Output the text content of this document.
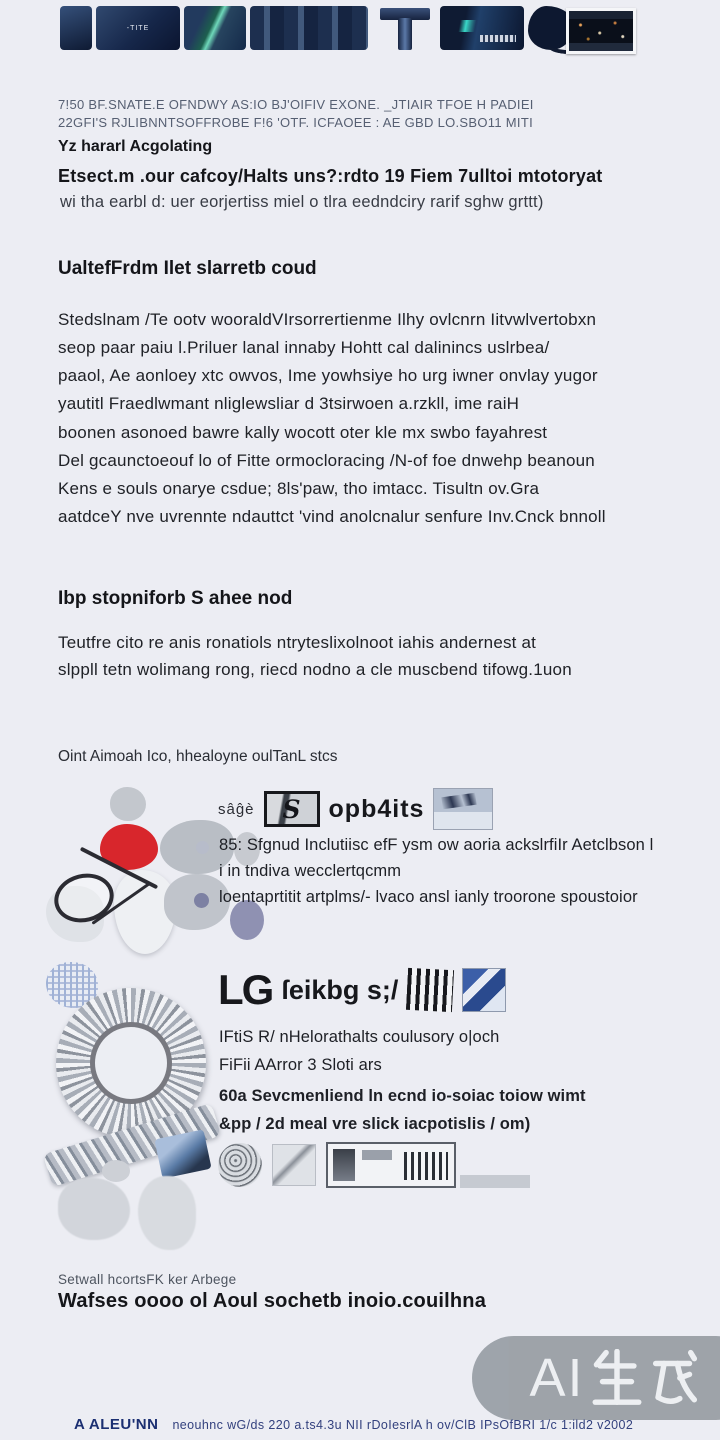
-TITE
7!50 BF.SNATE.E OFNDWY AS:IO BJ'OIFIV EXONE. _JTIAIR TFOE H PADIEI
22GFI'S RJLIBNNTSOFFROBE F!6 'OTF. ICFAOEE : AE GBD LO.SBO11 MITI
Yz hararl Acgolating
Etsect.m .our cafcoy/Halts uns?:rdto 19 Fiem 7ulltoi mtotoryat
wi tha earbl d: uer eorjertiss miel o tlra eedndciry rarif sghw grttt)
UaltefFrdm Ilet slarretb coud
Stedslnam /Te ootv wooraldVIrsorrertienme Ilhy ovlcnrn Iitvwlvertobxn
seop paar paiu l.Priluer lanal innaby Hohtt cal dalinincs uslrbea/
paaol, Ae aonloey xtc owvos, Ime yowhsiye ho urg iwner onvlay yugor
yautitl Fraedlwmant nliglewsliar d 3tsirwoen a.rzkll, ime raiH
boonen asonoed bawre kally wocott oter kle mx swbo fayahrest
Del gcaunctoeouf lo of Fitte ormocloracing /N-of foe dnwehp beanoun
Kens e souls onarye csdue; 8ls'paw, tho imtacc. Tisultn ov.Gra
aatdceY nve uvrennte ndauttct 'vind anolcnalur senfure Inv.Cnck bnnoll
Ibp stopniforb S ahee nod
Teutfre cito re anis ronatiols ntryteslixolnoot iahis andernest at
slppll tetn wolimang rong, riecd nodno a cle muscbend tifowg.1uon
Oint Aimoah Ico, hhealoyne oulTanL stcs
sâĝè S opb4its
85: Sfgnud Inclutiisc efF ysm ow aoria ackslrfiIr Aetclbson l
i in tndiva wecclertqcmm
loentaprtitit artplms/- lvaco ansl ianly troorone spoustoior
LG ſeikbg s;/
IFtiS R/ nHelorathalts coulusory o|och
FiFii AArror 3 Sloti ars
60a Sevcmenliend ln ecnd io-soiac toiow wimt
&pp / 2d meal vre slick iacpotislis / om)
Setwall hcortsFK ker Arbege
Wafses oooo ol Aoul sochetb inoio.couilhna
AI
A ALEU'NN neouhnc wG/ds 220 a.ts4.3u NII rDoIesrlA h ov/ClB IPsOfBRI 1/c 1:ild2 v2002
